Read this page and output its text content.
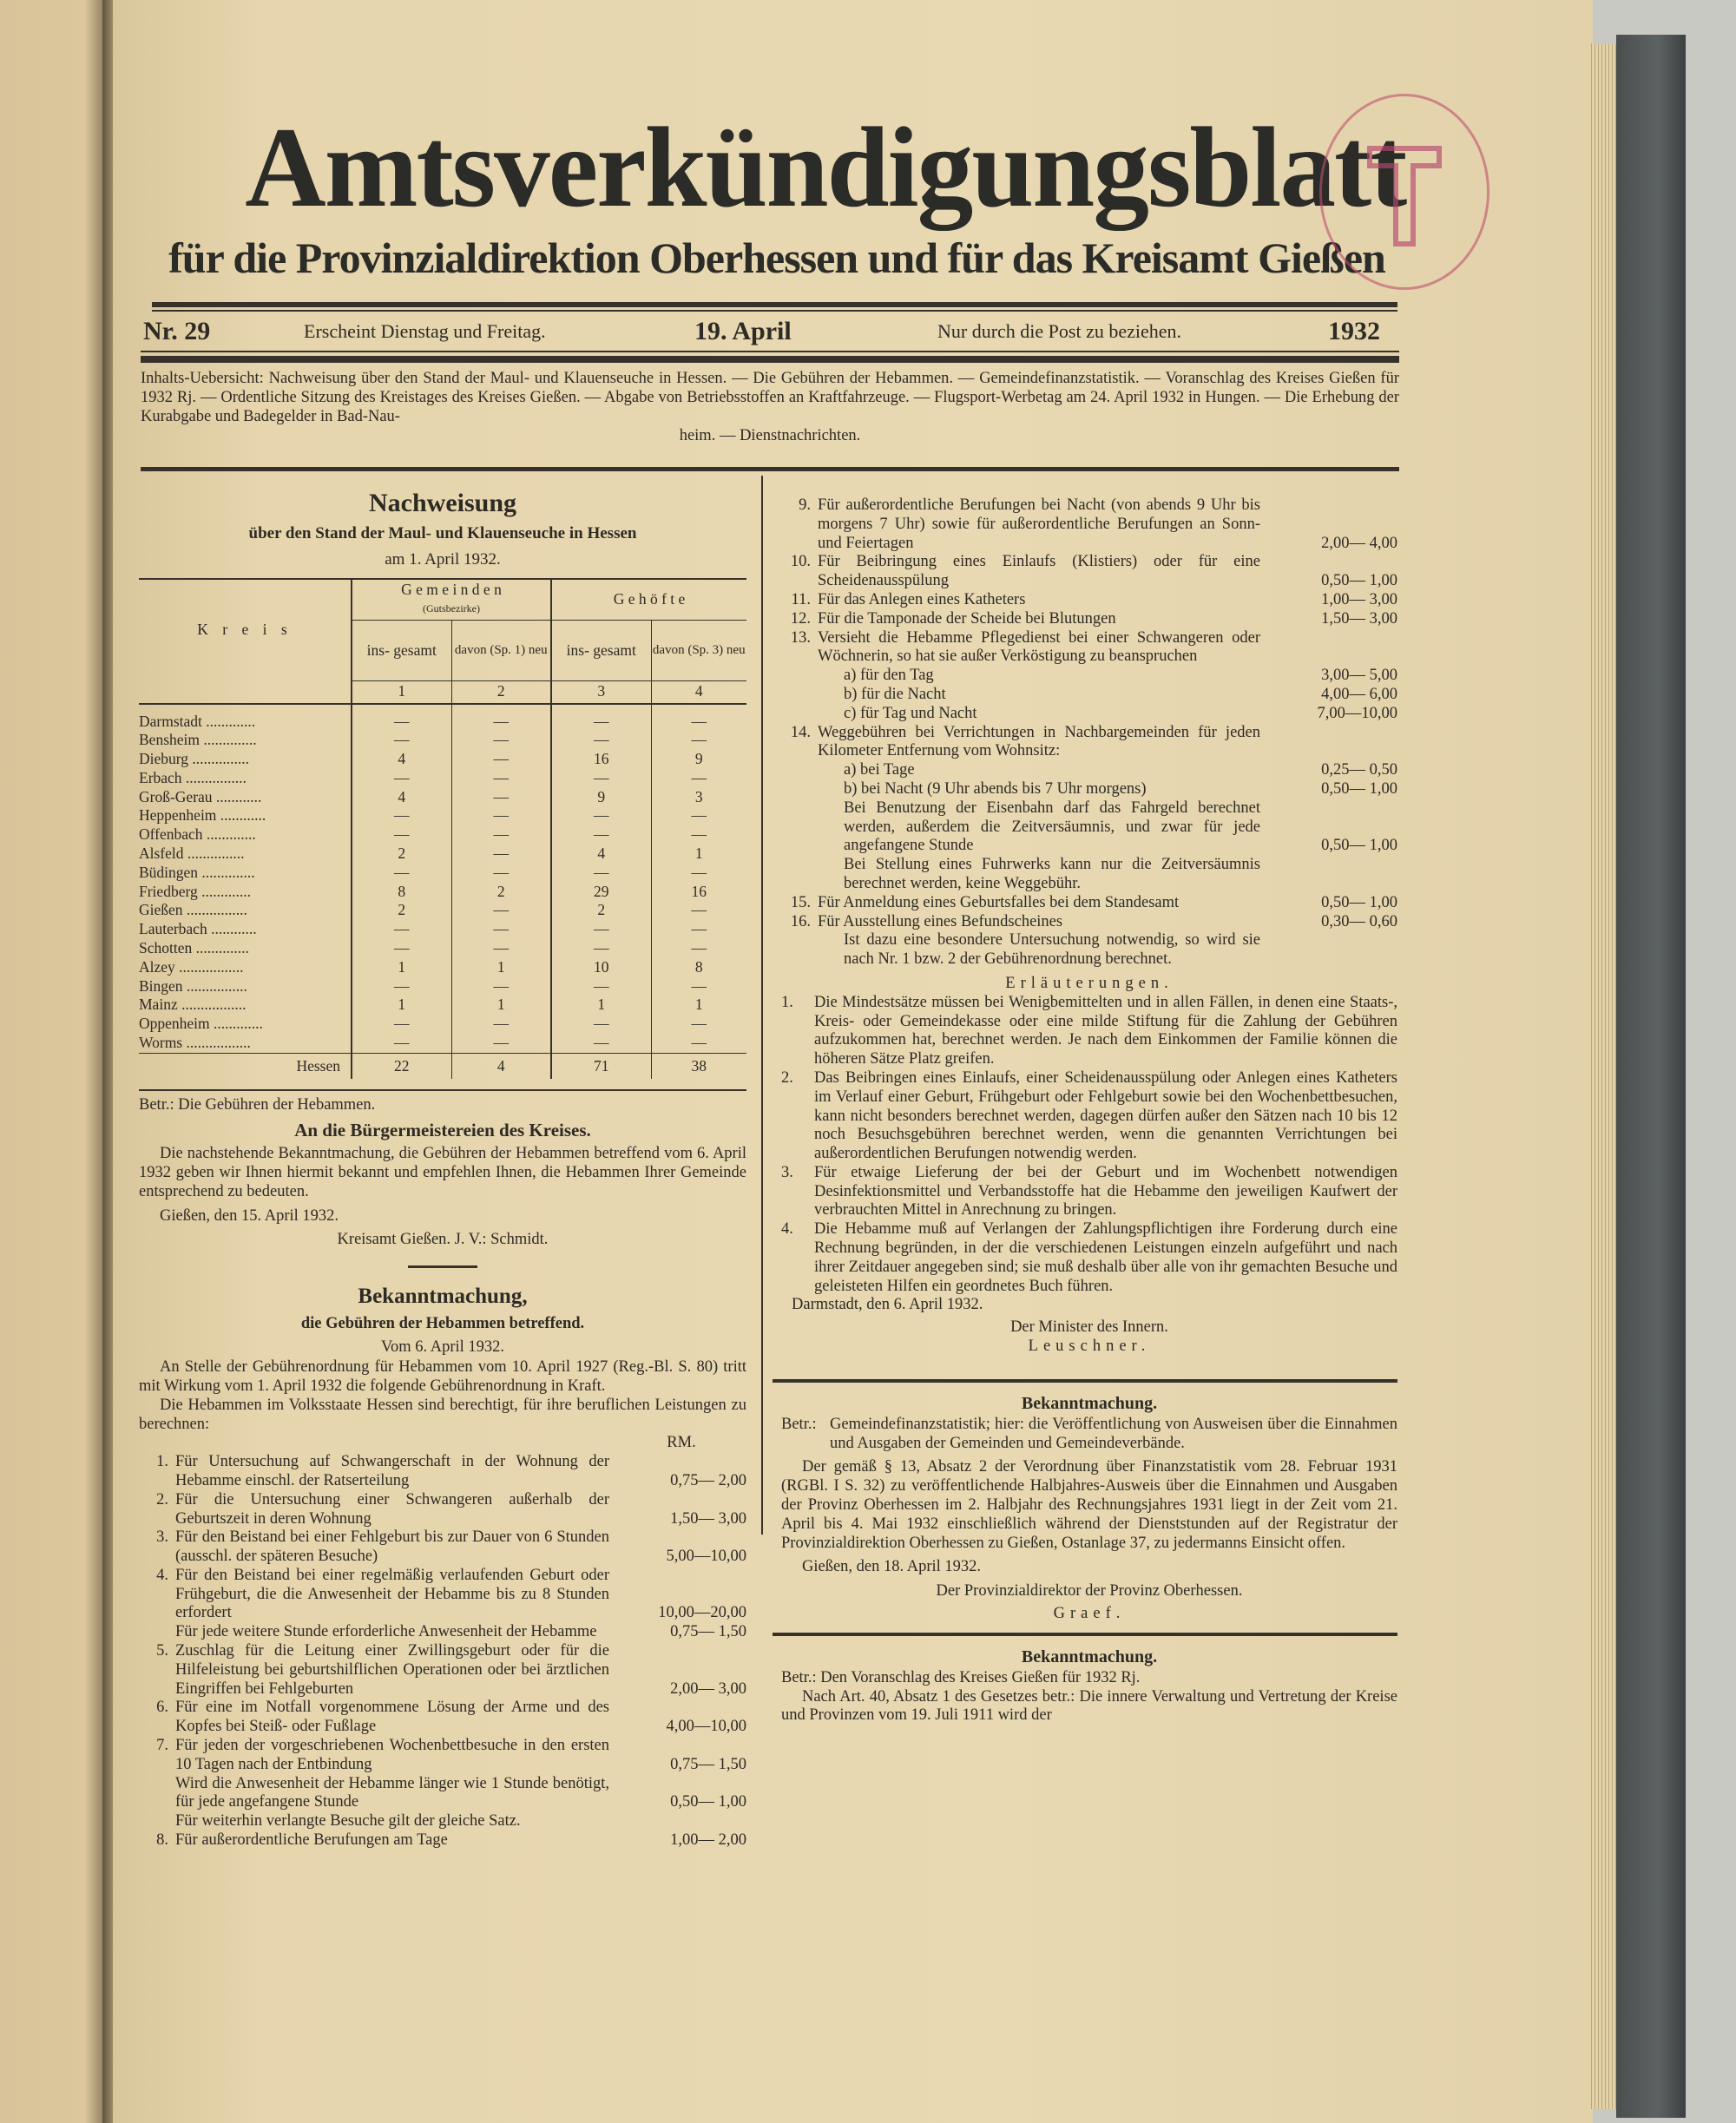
Amtsverkündigungsblatt
für die Provinzialdirektion Oberhessen und für das Kreisamt Gießen
Nr. 29	Erscheint Dienstag und Freitag.	19. April	Nur durch die Post zu beziehen.	1932
Inhalts-Uebersicht: Nachweisung über den Stand der Maul- und Klauenseuche in Hessen. — Die Gebühren der Hebammen. — Gemeindefinanzstatistik. — Voranschlag des Kreises Gießen für 1932 Rj. — Ordentliche Sitzung des Kreistages des Kreises Gießen. — Abgabe von Betriebsstoffen an Kraftfahrzeuge. — Flugsport-Werbetag am 24. April 1932 in Hungen. — Die Erhebung der Kurabgabe und Badegelder in Bad-Nau-
heim. — Dienstnachrichten.
Nachweisung
über den Stand der Maul- und Klauenseuche in Hessen
am 1. April 1932.
K r e i s	G e m e i n d e n
(Gutsbezirke)		G e h ö f t e	
	ins- gesamt	davon (Sp. 1) neu	ins- gesamt	davon (Sp. 3) neu
	1	2	3	4

Darmstadt .............	—	—	—	—
Bensheim ..............	—	—	—	—
Dieburg ...............	4	—	16	9
Erbach ................	—	—	—	—
Groß-Gerau ............	4	—	9	3
Heppenheim ............	—	—	—	—
Offenbach .............	—	—	—	—
Alsfeld ...............	2	—	4	1
Büdingen ..............	—	—	—	—
Friedberg .............	8	2	29	16
Gießen ................	2	—	2	—
Lauterbach ............	—	—	—	—
Schotten ..............	—	—	—	—
Alzey .................	1	1	10	8
Bingen ................	—	—	—	—
Mainz .................	1	1	1	1
Oppenheim .............	—	—	—	—
Worms .................	—	—	—	—
Hessen	22	4	71	38
Betr.: Die Gebühren der Hebammen.
An die Bürgermeistereien des Kreises.

Die nachstehende Bekanntmachung, die Gebühren der Hebammen betreffend vom 6. April 1932 geben wir Ihnen hiermit bekannt und empfehlen Ihnen, die Hebammen Ihrer Gemeinde entsprechend zu bedeuten.

Gießen, den 15. April 1932.
Kreisamt Gießen. J. V.: Schmidt.
Bekanntmachung,
die Gebühren der Hebammen betreffend.
Vom 6. April 1932.

An Stelle der Gebührenordnung für Hebammen vom 10. April 1927 (Reg.-Bl. S. 80) tritt mit Wirkung vom 1. April 1932 die folgende Gebührenordnung in Kraft.

Die Hebammen im Volksstaate Hessen sind berechtigt, für ihre beruflichen Leistungen zu berechnen:

RM.
1. Für Untersuchung auf Schwangerschaft in der Wohnung der Hebamme einschl. der Ratserteilung	0,75— 2,00
2. Für die Untersuchung einer Schwangeren außerhalb der Geburtszeit in deren Wohnung	1,50— 3,00
3. Für den Beistand bei einer Fehlgeburt bis zur Dauer von 6 Stunden (ausschl. der späteren Besuche)	5,00—10,00
4. Für den Beistand bei einer regelmäßig verlaufenden Geburt oder Frühgeburt, die die Anwesenheit der Hebamme bis zu 8 Stunden erfordert	10,00—20,00
Für jede weitere Stunde erforderliche Anwesenheit der Hebamme	0,75— 1,50
5. Zuschlag für die Leitung einer Zwillingsgeburt oder für die Hilfeleistung bei geburtshilflichen Operationen oder bei ärztlichen Eingriffen bei Fehlgeburten	2,00— 3,00
6. Für eine im Notfall vorgenommene Lösung der Arme und des Kopfes bei Steiß- oder Fußlage	4,00—10,00
7. Für jeden der vorgeschriebenen Wochenbettbesuche in den ersten 10 Tagen nach der Entbindung	0,75— 1,50
Wird die Anwesenheit der Hebamme länger wie 1 Stunde benötigt, für jede angefangene Stunde	0,50— 1,00
Für weiterhin verlangte Besuche gilt der gleiche Satz.
8. Für außerordentliche Berufungen am Tage	1,00— 2,00
9. Für außerordentliche Berufungen bei Nacht (von abends 9 Uhr bis morgens 7 Uhr) sowie für außerordentliche Berufungen an Sonn- und Feiertagen	2,00— 4,00
10. Für Beibringung eines Einlaufs (Klistiers) oder für eine Scheidenausspülung	0,50— 1,00
11. Für das Anlegen eines Katheters	1,00— 3,00
12. Für die Tamponade der Scheide bei Blutungen	1,50— 3,00
13. Versieht die Hebamme Pflegedienst bei einer Schwangeren oder Wöchnerin, so hat sie außer Verköstigung zu beanspruchen
a) für den Tag	3,00— 5,00
b) für die Nacht	4,00— 6,00
c) für Tag und Nacht	7,00—10,00
14. Weggebühren bei Verrichtungen in Nachbargemeinden für jeden Kilometer Entfernung vom Wohnsitz:
a) bei Tage	0,25— 0,50
b) bei Nacht (9 Uhr abends bis 7 Uhr morgens)	0,50— 1,00
Bei Benutzung der Eisenbahn darf das Fahrgeld berechnet werden, außerdem die Zeitversäumnis, und zwar für jede angefangene Stunde	0,50— 1,00
Bei Stellung eines Fuhrwerks kann nur die Zeitversäumnis berechnet werden, keine Weggebühr.
15. Für Anmeldung eines Geburtsfalles bei dem Standesamt	0,50— 1,00
16. Für Ausstellung eines Befundscheines	0,30— 0,60
Ist dazu eine besondere Untersuchung notwendig, so wird sie nach Nr. 1 bzw. 2 der Gebührenordnung berechnet.
Erläuterungen.
1.	Die Mindestsätze müssen bei Wenigbemittelten und in allen Fällen, in denen eine Staats-, Kreis- oder Gemeindekasse oder eine milde Stiftung für die Zahlung der Gebühren aufzukommen hat, berechnet werden. Je nach dem Einkommen der Familie können die höheren Sätze Platz greifen.
2.	Das Beibringen eines Einlaufs, einer Scheidenausspülung oder Anlegen eines Katheters im Verlauf einer Geburt, Frühgeburt oder Fehlgeburt sowie bei den Wochenbettbesuchen, kann nicht besonders berechnet werden, dagegen dürfen außer den Sätzen nach 10 bis 12 noch Besuchsgebühren berechnet werden, wenn die genannten Verrichtungen bei außerordentlichen Berufungen notwendig werden.
3.	Für etwaige Lieferung der bei der Geburt und im Wochenbett notwendigen Desinfektionsmittel und Verbandsstoffe hat die Hebamme den jeweiligen Kaufwert der verbrauchten Mittel in Anrechnung zu bringen.
4.	Die Hebamme muß auf Verlangen der Zahlungspflichtigen ihre Forderung durch eine Rechnung begründen, in der die verschiedenen Leistungen einzeln aufgeführt und nach ihrer Zeitdauer angegeben sind; sie muß deshalb über alle von ihr gemachten Besuche und geleisteten Hilfen ein geordnetes Buch führen.
Darmstadt, den 6. April 1932.
Der Minister des Innern.
Leuschner.
Bekanntmachung.
Betr.: Gemeindefinanzstatistik; hier: die Veröffentlichung von Ausweisen über die Einnahmen und Ausgaben der Gemeinden und Gemeindeverbände.

Der gemäß § 13, Absatz 2 der Verordnung über Finanzstatistik vom 28. Februar 1931 (RGBl. I S. 32) zu veröffentlichende Halbjahres-Ausweis über die Einnahmen und Ausgaben der Provinz Oberhessen im 2. Halbjahr des Rechnungsjahres 1931 liegt in der Zeit vom 21. April bis 4. Mai 1932 einschließlich während der Dienststunden auf der Registratur der Provinzialdirektion Oberhessen zu Gießen, Ostanlage 37, zu jedermanns Einsicht offen.

Gießen, den 18. April 1932.
Der Provinzialdirektor der Provinz Oberhessen.
Graef.
Bekanntmachung.
Betr.: Den Voranschlag des Kreises Gießen für 1932 Rj.

Nach Art. 40, Absatz 1 des Gesetzes betr.: Die innere Verwaltung und Vertretung der Kreise und Provinzen vom 19. Juli 1911 wird der
